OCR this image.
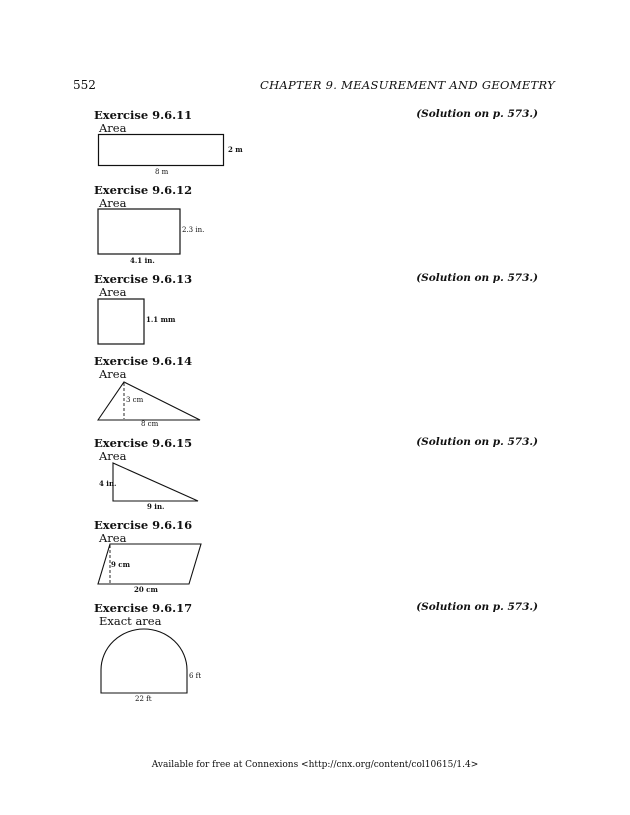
552	CHAPTER 9. MEASUREMENT AND GEOMETRY
Exercise 9.6.11
Area
(Solution on p. 573.)
2 m
8 m
Exercise 9.6.12
Area
2.3 in.
4.1 in.
Exercise 9.6.13
Area
(Solution on p. 573.)
1.1 mm
Exercise 9.6.14
Area
3 cm
8 cm
Exercise 9.6.15
Area
(Solution on p. 573.)
4 in.
9 in.
Exercise 9.6.16
Area
9 cm
20 cm
Exercise 9.6.17
Exact area
(Solution on p. 573.)
6 ft
22 ft
Available for free at Connexions <http://cnx.org/content/col10615/1.4>
